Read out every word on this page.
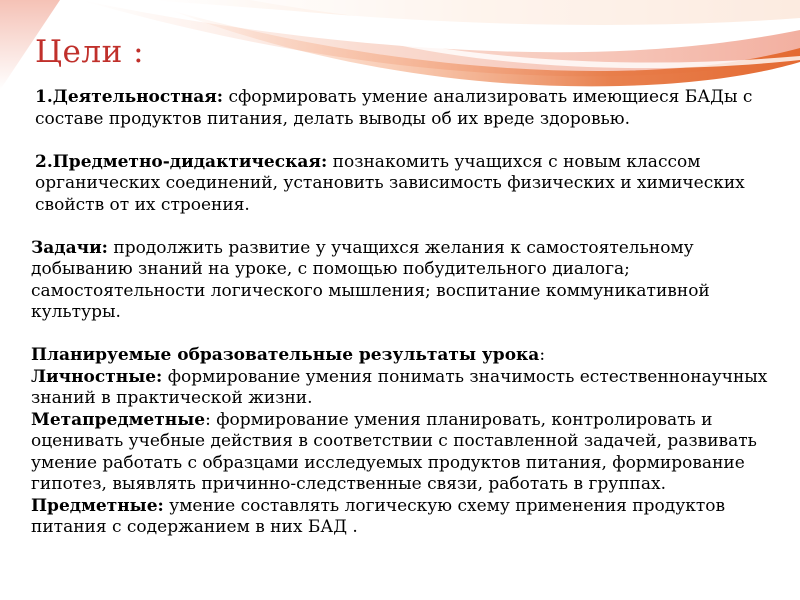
Цели :

1.Деятельностная: сформировать умение анализировать имеющиеся БАДы с составе продуктов питания, делать выводы об их вреде здоровью.

2.Предметно-дидактическая: познакомить учащихся с новым классом органических соединений, установить зависимость физических и химических свойств от их строения.

Задачи: продолжить развитие у учащихся желания к самостоятельному добыванию знаний на уроке, с помощью побудительного диалога; самостоятельности логического мышления; воспитание коммуникативной культуры.

Планируемые образовательные результаты урока:

Личностные: формирование умения понимать значимость естественнонаучных знаний в практической жизни.

Метапредметные: формирование умения планировать, контролировать и оценивать учебные действия в соответствии с поставленной задачей, развивать умение работать с образцами исследуемых продуктов питания, формирование гипотез, выявлять причинно-следственные связи, работать в группах.

Предметные: умение составлять логическую схему применения продуктов питания с содержанием в них БАД .
